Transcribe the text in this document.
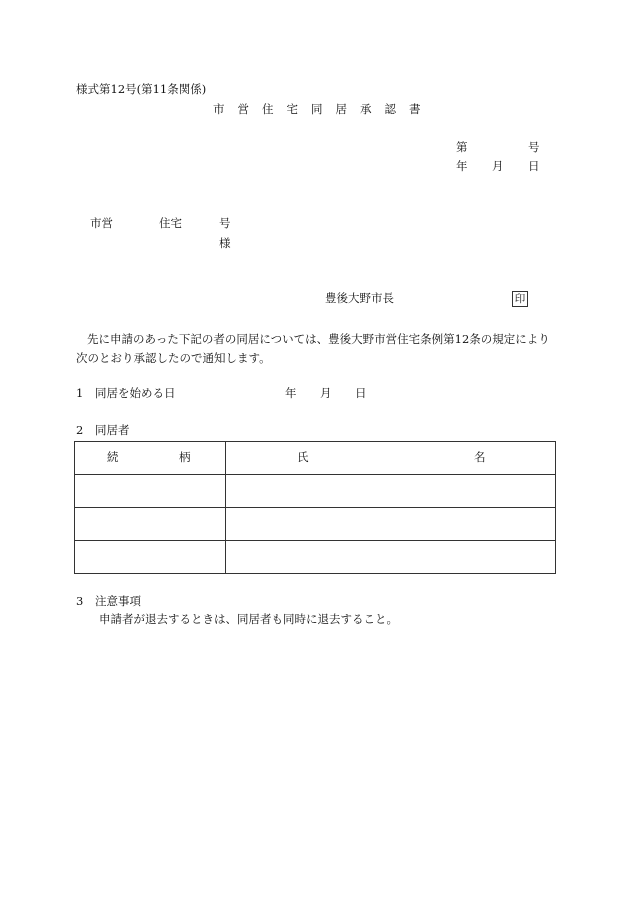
様式第12号(第11条関係)
市 営 住 宅 同 居 承 認 書
第	号
年 月 日
市営	住宅	号
様
豊後大野市長	印
先に申請のあった下記の者の同居については、豊後大野市営住宅条例第12条の規定により次のとおり承認したので通知します。
1 同居を始める日	年 月 日
2 同居者
続 柄	氏 名

3 注意事項
申請者が退去するときは、同居者も同時に退去すること。
